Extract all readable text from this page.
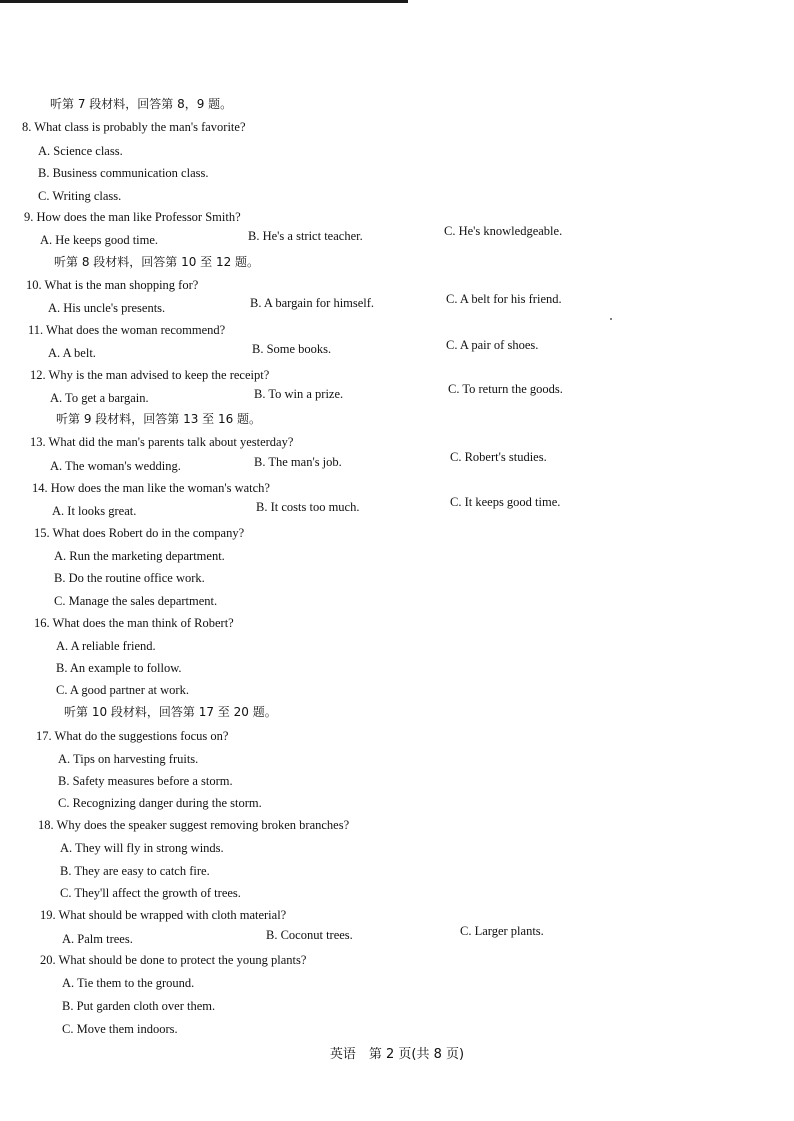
听第 7 段材料，回答第 8，9 题。
8. What class is probably the man's favorite?
A. Science class.
B. Business communication class.
C. Writing class.
9. How does the man like Professor Smith?
A. He keeps good time.	B. He's a strict teacher.	C. He's knowledgeable.
听第 8 段材料，回答第 10 至 12 题。
10. What is the man shopping for?
A. His uncle's presents.	B. A bargain for himself.	C. A belt for his friend.
11. What does the woman recommend?
A. A belt.	B. Some books.	C. A pair of shoes.
12. Why is the man advised to keep the receipt?
A. To get a bargain.	B. To win a prize.	C. To return the goods.
听第 9 段材料，回答第 13 至 16 题。
13. What did the man's parents talk about yesterday?
A. The woman's wedding.	B. The man's job.	C. Robert's studies.
14. How does the man like the woman's watch?
A. It looks great.	B. It costs too much.	C. It keeps good time.
15. What does Robert do in the company?
A. Run the marketing department.
B. Do the routine office work.
C. Manage the sales department.
16. What does the man think of Robert?
A. A reliable friend.
B. An example to follow.
C. A good partner at work.
听第 10 段材料，回答第 17 至 20 题。
17. What do the suggestions focus on?
A. Tips on harvesting fruits.
B. Safety measures before a storm.
C. Recognizing danger during the storm.
18. Why does the speaker suggest removing broken branches?
A. They will fly in strong winds.
B. They are easy to catch fire.
C. They'll affect the growth of trees.
19. What should be wrapped with cloth material?
A. Palm trees.	B. Coconut trees.	C. Larger plants.
20. What should be done to protect the young plants?
A. Tie them to the ground.
B. Put garden cloth over them.
C. Move them indoors.
英语　第 2 页(共 8 页)
